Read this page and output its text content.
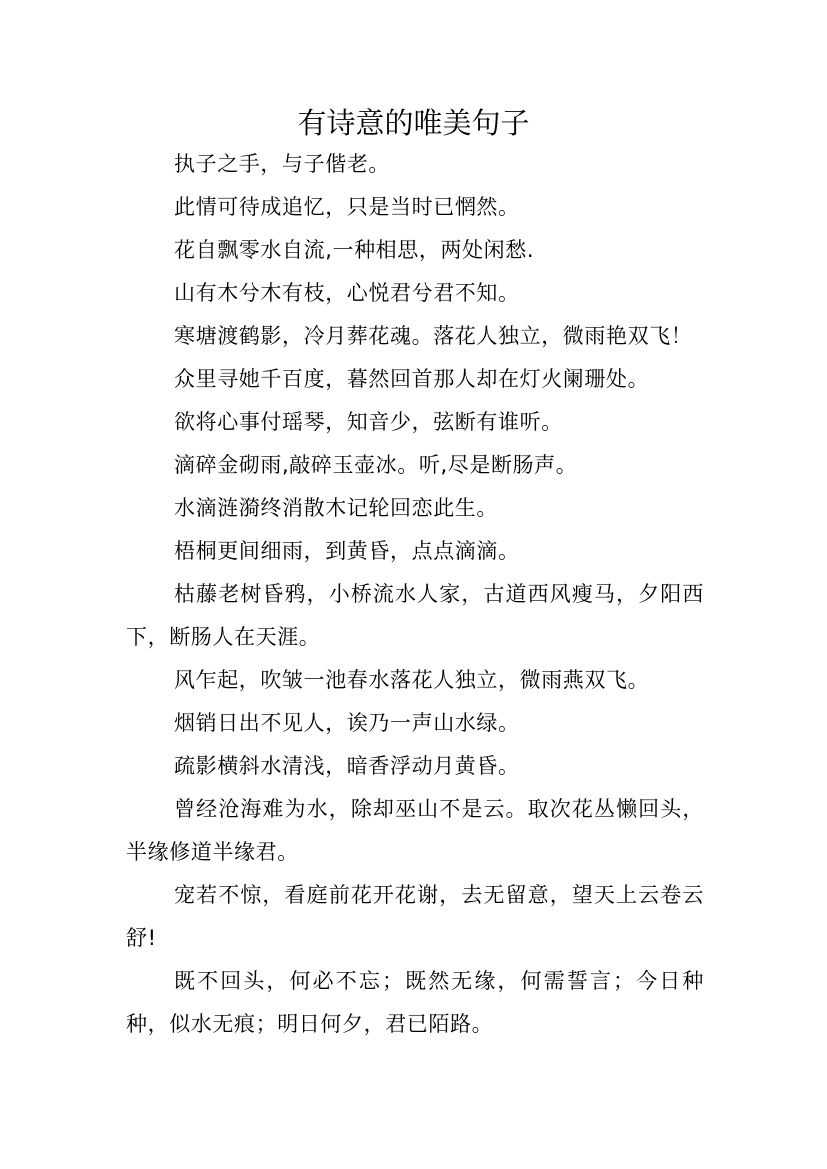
有诗意的唯美句子

执子之手，与子偕老。

此情可待成追忆，只是当时已惘然。

花自飘零水自流,一种相思，两处闲愁.

山有木兮木有枝，心悦君兮君不知。

寒塘渡鹤影，冷月葬花魂。落花人独立，微雨艳双飞！

众里寻她千百度，暮然回首那人却在灯火阑珊处。

欲将心事付瑶琴，知音少，弦断有谁听。

滴碎金砌雨,敲碎玉壶冰。听,尽是断肠声。

水滴涟漪终消散木记轮回恋此生。

梧桐更间细雨，到黄昏，点点滴滴。

枯藤老树昏鸦，小桥流水人家，古道西风瘦马，夕阳西下，断肠人在天涯。

风乍起，吹皱一池春水落花人独立，微雨燕双飞。

烟销日出不见人，诶乃一声山水绿。

疏影横斜水清浅，暗香浮动月黄昏。

曾经沧海难为水，除却巫山不是云。取次花丛懒回头，半缘修道半缘君。

宠若不惊，看庭前花开花谢，去无留意，望天上云卷云舒!

既不回头，何必不忘；既然无缘，何需誓言；今日种种，似水无痕；明日何夕，君已陌路。
